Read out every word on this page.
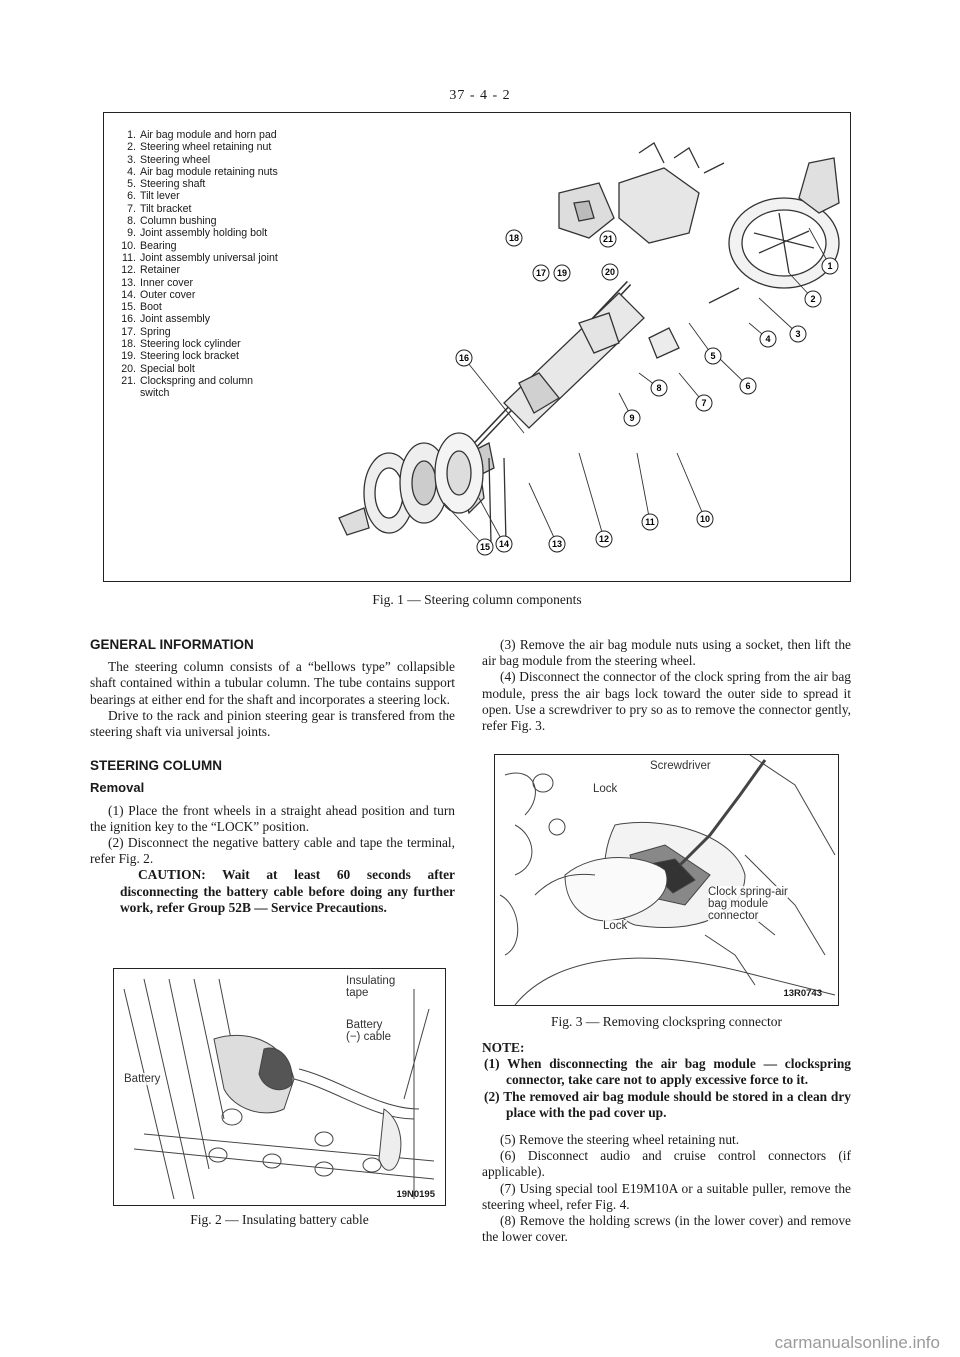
37 - 4 - 2
1. Air bag module and horn pad
2. Steering wheel retaining nut
3. Steering wheel
4. Air bag module retaining nuts
5. Steering shaft
6. Tilt lever
7. Tilt bracket
8. Column bushing
9. Joint assembly holding bolt
10. Bearing
11. Joint assembly universal joint
12. Retainer
13. Inner cover
14. Outer cover
15. Boot
16. Joint assembly
17. Spring
18. Steering lock cylinder
19. Steering lock bracket
20. Special bolt
21. Clockspring and column
switch
1
2
3
4
5
6
7
8
9
10
11
12
13
14
15
16
17
18
19	20
21
Fig. 1 — Steering column components
GENERAL INFORMATION

The steering column consists of a “bellows type” collapsible shaft contained within a tubular column. The tube contains support bearings at either end for the shaft and incorporates a steering lock.

Drive to the rack and pinion steering gear is transfered from the steering shaft via universal joints.

STEERING COLUMN
Removal

(1) Place the front wheels in a straight ahead position and turn the ignition key to the “LOCK” position.

(2) Disconnect the negative battery cable and tape the terminal, refer Fig. 2.

CAUTION: Wait at least 60 seconds after disconnecting the battery cable before doing any further work, refer Group 52B — Service Precautions.

Insulating
tape
Battery
(−) cable
Battery
19N0195
Fig. 2 — Insulating battery cable

(3) Remove the air bag module nuts using a socket, then lift the air bag module from the steering wheel.

(4) Disconnect the connector of the clock spring from the air bag module, press the air bags lock toward the outer side to spread it open. Use a screwdriver to pry so as to remove the connector gently, refer Fig. 3.

Screwdriver
Lock
Clock spring-air
bag module
connector
Lock
13R0743
Fig. 3 — Removing clockspring connector
NOTE:
(1) When disconnecting the air bag module — clockspring connector, take care not to apply excessive force to it.
(2) The removed air bag module should be stored in a clean dry place with the pad cover up.

(5) Remove the steering wheel retaining nut.

(6) Disconnect audio and cruise control connectors (if applicable).

(7) Using special tool E19M10A or a suitable puller, remove the steering wheel, refer Fig. 4.

(8) Remove the holding screws (in the lower cover) and remove the lower cover.

carmanualsonline.info
